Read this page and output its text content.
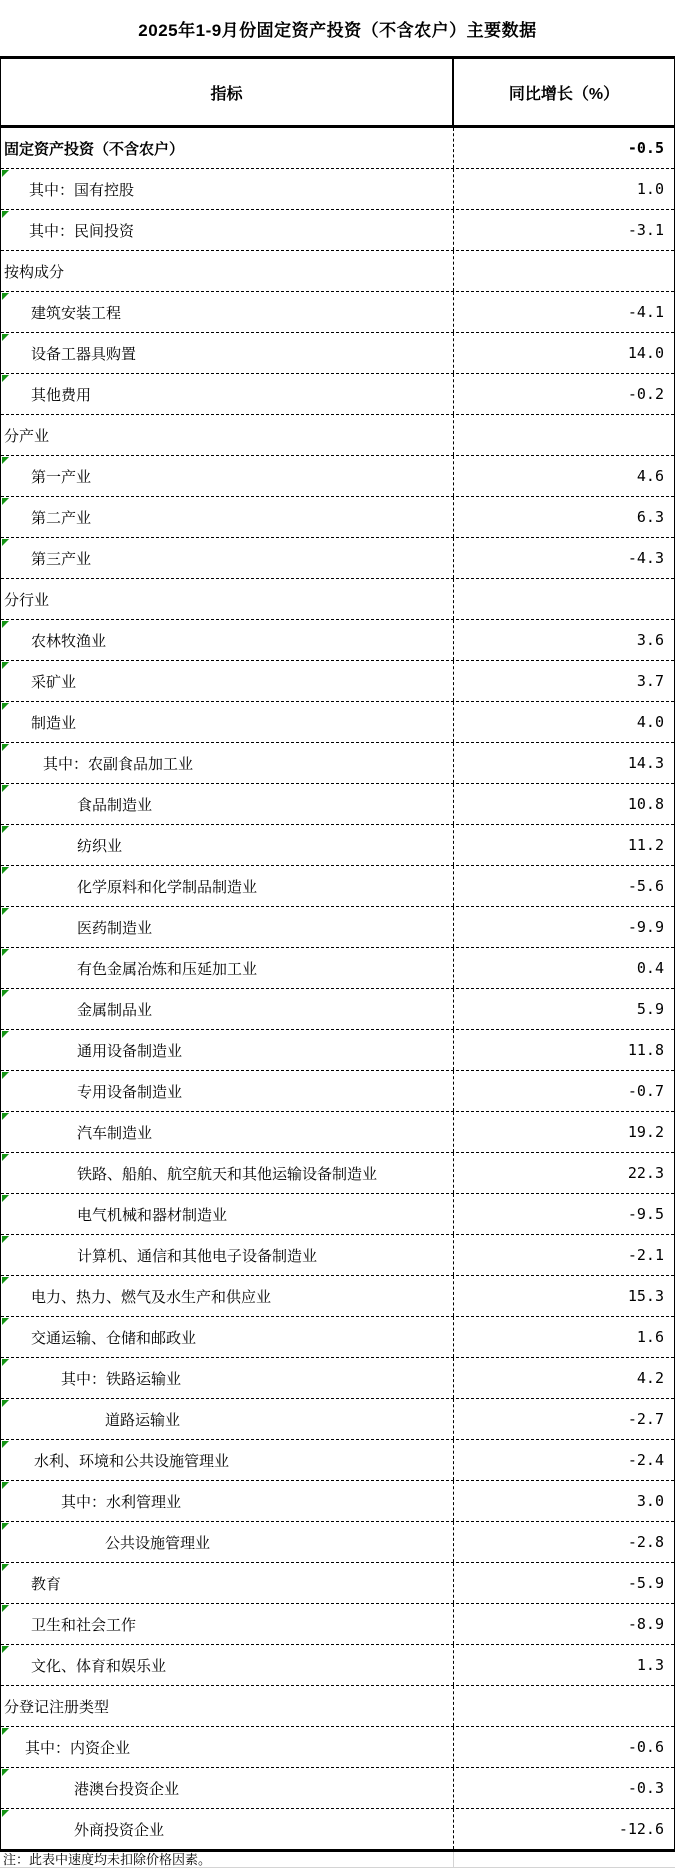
2025年1-9月份固定资产投资（不含农户）主要数据
指标	同比增长（%）
固定资产投资（不含农户）	-0.5
其中：国有控股	1.0
其中：民间投资	-3.1
按构成分
建筑安装工程	-4.1
设备工器具购置	14.0
其他费用	-0.2
分产业
第一产业	4.6
第二产业	6.3
第三产业	-4.3
分行业
农林牧渔业	3.6
采矿业	3.7
制造业	4.0
其中：农副食品加工业	14.3
食品制造业	10.8
纺织业	11.2
化学原料和化学制品制造业	-5.6
医药制造业	-9.9
有色金属冶炼和压延加工业	0.4
金属制品业	5.9
通用设备制造业	11.8
专用设备制造业	-0.7
汽车制造业	19.2
铁路、船舶、航空航天和其他运输设备制造业	22.3
电气机械和器材制造业	-9.5
计算机、通信和其他电子设备制造业	-2.1
电力、热力、燃气及水生产和供应业	15.3
交通运输、仓储和邮政业	1.6
其中：铁路运输业	4.2
道路运输业	-2.7
水利、环境和公共设施管理业	-2.4
其中：水利管理业	3.0
公共设施管理业	-2.8
教育	-5.9
卫生和社会工作	-8.9
文化、体育和娱乐业	1.3
分登记注册类型
其中：内资企业	-0.6
港澳台投资企业	-0.3
外商投资企业	-12.6
注：此表中速度均未扣除价格因素。
